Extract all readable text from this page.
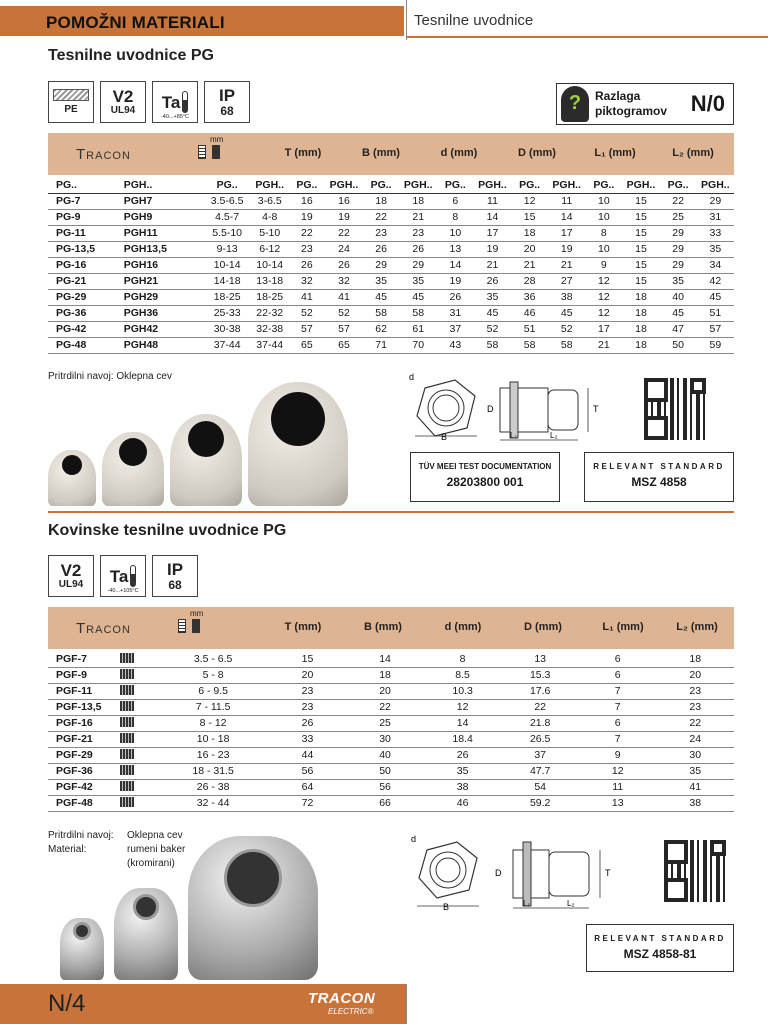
POMOŽNI MATERIALI	Tesnilne uvodnice
Tesnilne uvodnice PG
PE
V2
UL94 Ta
-40...+85°C
IP
68	?	Razlaga
piktogramov N/0
Tracon
mm
T (mm)	B (mm)	d (mm)	D (mm)	L₁ (mm)	L₂ (mm)
PG..	PGH..	PG..	PGH..	PG..	PGH..	PG..	PGH..	PG..	PGH..	PG..	PGH..	PG..	PGH..	PG..	PGH..
PG-7	PGH7	3.5-6.5	3-6.5	16	16	18	18	6	11	12	11	10	15	22	29
PG-9	PGH9	4.5-7	4-8	19	19	22	21	8	14	15	14	10	15	25	31
PG-11	PGH11	5.5-10	5-10	22	22	23	23	10	17	18	17	8	15	29	33
PG-13,5	PGH13,5	9-13	6-12	23	24	26	26	13	19	20	19	10	15	29	35
PG-16	PGH16	10-14	10-14	26	26	29	29	14	21	21	21	9	15	29	34
PG-21	PGH21	14-18	13-18	32	32	35	35	19	26	28	27	12	15	35	42
PG-29	PGH29	18-25	18-25	41	41	45	45	26	35	36	38	12	18	40	45
PG-36	PGH36	25-33	22-32	52	52	58	58	31	45	46	45	12	18	45	51
PG-42	PGH42	30-38	32-38	57	57	62	61	37	52	51	52	17	18	47	57
PG-48	PGH48	37-44	37-44	65	65	71	70	43	58	58	58	21	18	50	59
Pritrdilni navoj: Oklepna cev
B
d
D	T
L₁	L₂
TÜV MEEI TEST DOCUMENTATION
28203800 001
RELEVANT STANDARD
MSZ 4858
Kovinske tesnilne uvodnice PG
V2
UL94 Ta
-40...+105°C
IP
68
Tracon
mm
T (mm)	B (mm)	d (mm)	D (mm)	L₁ (mm)	L₂ (mm)
PGF-7	3.5 - 6.5	15	14	8	13	6	18
PGF-9	5 - 8	20	18	8.5	15.3	6	20
PGF-11	6 - 9.5	23	20	10.3	17.6	7	23
PGF-13,5	7 - 11.5	23	22	12	22	7	23
PGF-16	8 - 12	26	25	14	21.8	6	22
PGF-21	10 - 18	33	30	18.4	26.5	7	24
PGF-29	16 - 23	44	40	26	37	9	30
PGF-36	18 - 31.5	56	50	35	47.7	12	35
PGF-42	26 - 38	64	56	38	54	11	41
PGF-48	32 - 44	72	66	46	59.2	13	38
Pritrdilni navoj:
Material:
Oklepna cev
rumeni baker
(kromirani)
B
d
D	T
L₁	L₂
RELEVANT STANDARD
MSZ 4858-81
N/4	TRACON
ELECTRIC®
